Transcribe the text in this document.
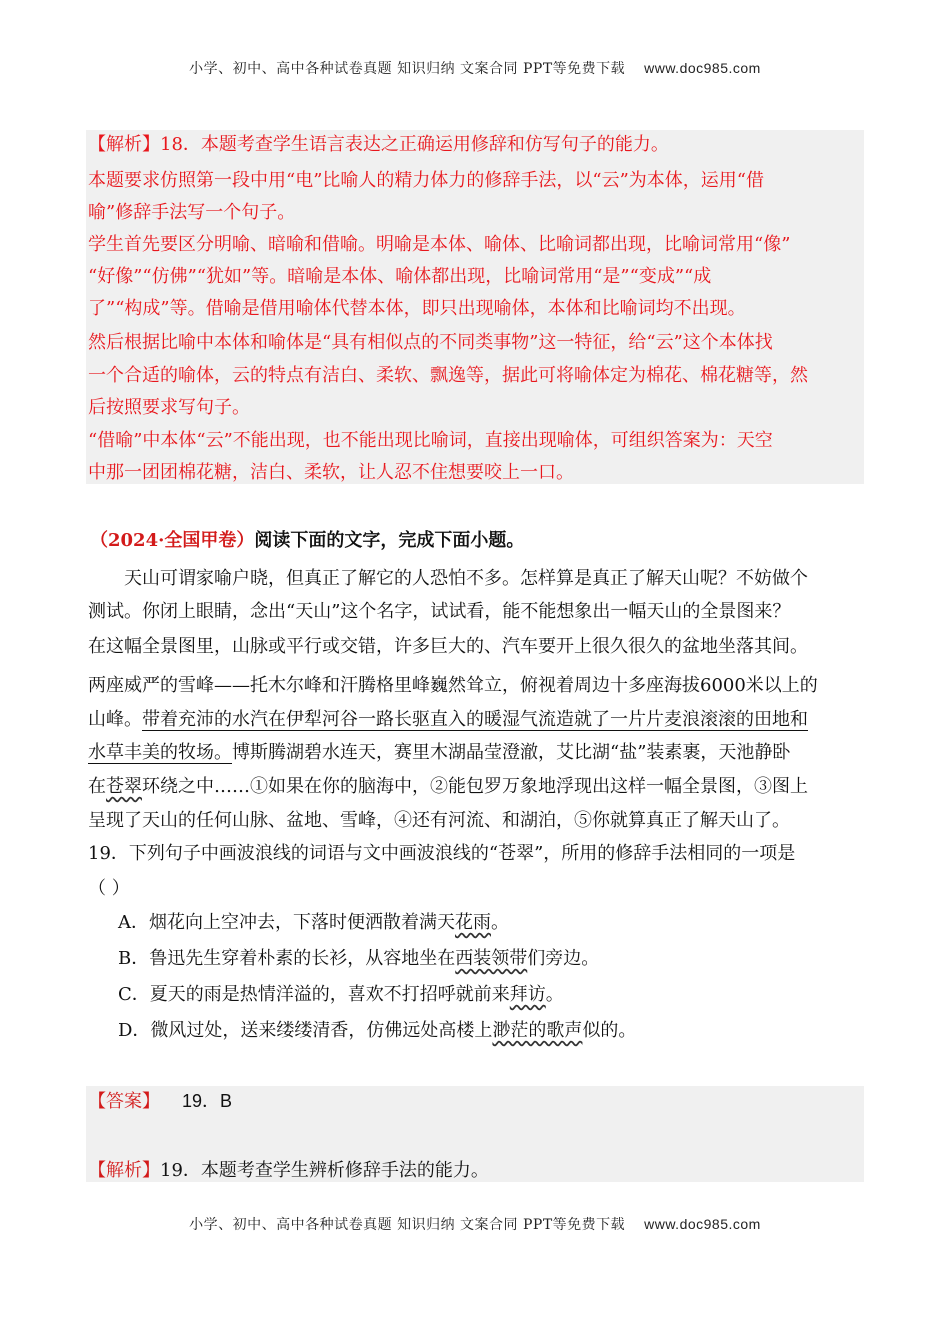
小学、初中、高中各种试卷真题 知识归纳 文案合同 PPT等免费下载 www.doc985.com
【解析】18．本题考查学生语言表达之正确运用修辞和仿写句子的能力。
本题要求仿照第一段中用“电”比喻人的精力体力的修辞手法，以“云”为本体，运用“借
喻”修辞手法写一个句子。
学生首先要区分明喻、暗喻和借喻。明喻是本体、喻体、比喻词都出现，比喻词常用“像”
“好像”“仿佛”“犹如”等。暗喻是本体、喻体都出现，比喻词常用“是”“变成”“成
了”“构成”等。借喻是借用喻体代替本体，即只出现喻体，本体和比喻词均不出现。
然后根据比喻中本体和喻体是“具有相似点的不同类事物”这一特征，给“云”这个本体找
一个合适的喻体，云的特点有洁白、柔软、飘逸等，据此可将喻体定为棉花、棉花糖等，然
后按照要求写句子。
“借喻”中本体“云”不能出现，也不能出现比喻词，直接出现喻体，可组织答案为：天空
中那一团团棉花糖，洁白、柔软，让人忍不住想要咬上一口。
（2024·全国甲卷）阅读下面的文字，完成下面小题。
天山可谓家喻户晓，但真正了解它的人恐怕不多。怎样算是真正了解天山呢？不妨做个
测试。你闭上眼睛，念出“天山”这个名字，试试看，能不能想象出一幅天山的全景图来？
在这幅全景图里，山脉或平行或交错，许多巨大的、汽车要开上很久很久的盆地坐落其间。
两座威严的雪峰——托木尔峰和汗腾格里峰巍然耸立，俯视着周边十多座海拔6000米以上的
山峰。带着充沛的水汽在伊犁河谷一路长驱直入的暖湿气流造就了一片片麦浪滚滚的田地和
水草丰美的牧场。博斯腾湖碧水连天，赛里木湖晶莹澄澈，艾比湖“盐”装素裹，天池静卧
在苍翠环绕之中……①如果在你的脑海中，②能包罗万象地浮现出这样一幅全景图，③图上
呈现了天山的任何山脉、盆地、雪峰，④还有河流、和湖泊，⑤你就算真正了解天山了。
19．下列句子中画波浪线的词语与文中画波浪线的“苍翠”，所用的修辞手法相同的一项是
（ ）
A．烟花向上空冲去，下落时便洒散着满天花雨。
B．鲁迅先生穿着朴素的长衫，从容地坐在西装领带们旁边。
C．夏天的雨是热情洋溢的，喜欢不打招呼就前来拜访。
D．微风过处，送来缕缕清香，仿佛远处高楼上渺茫的歌声似的。
【答案】 19．B
【解析】19．本题考查学生辨析修辞手法的能力。
小学、初中、高中各种试卷真题 知识归纳 文案合同 PPT等免费下载 www.doc985.com
